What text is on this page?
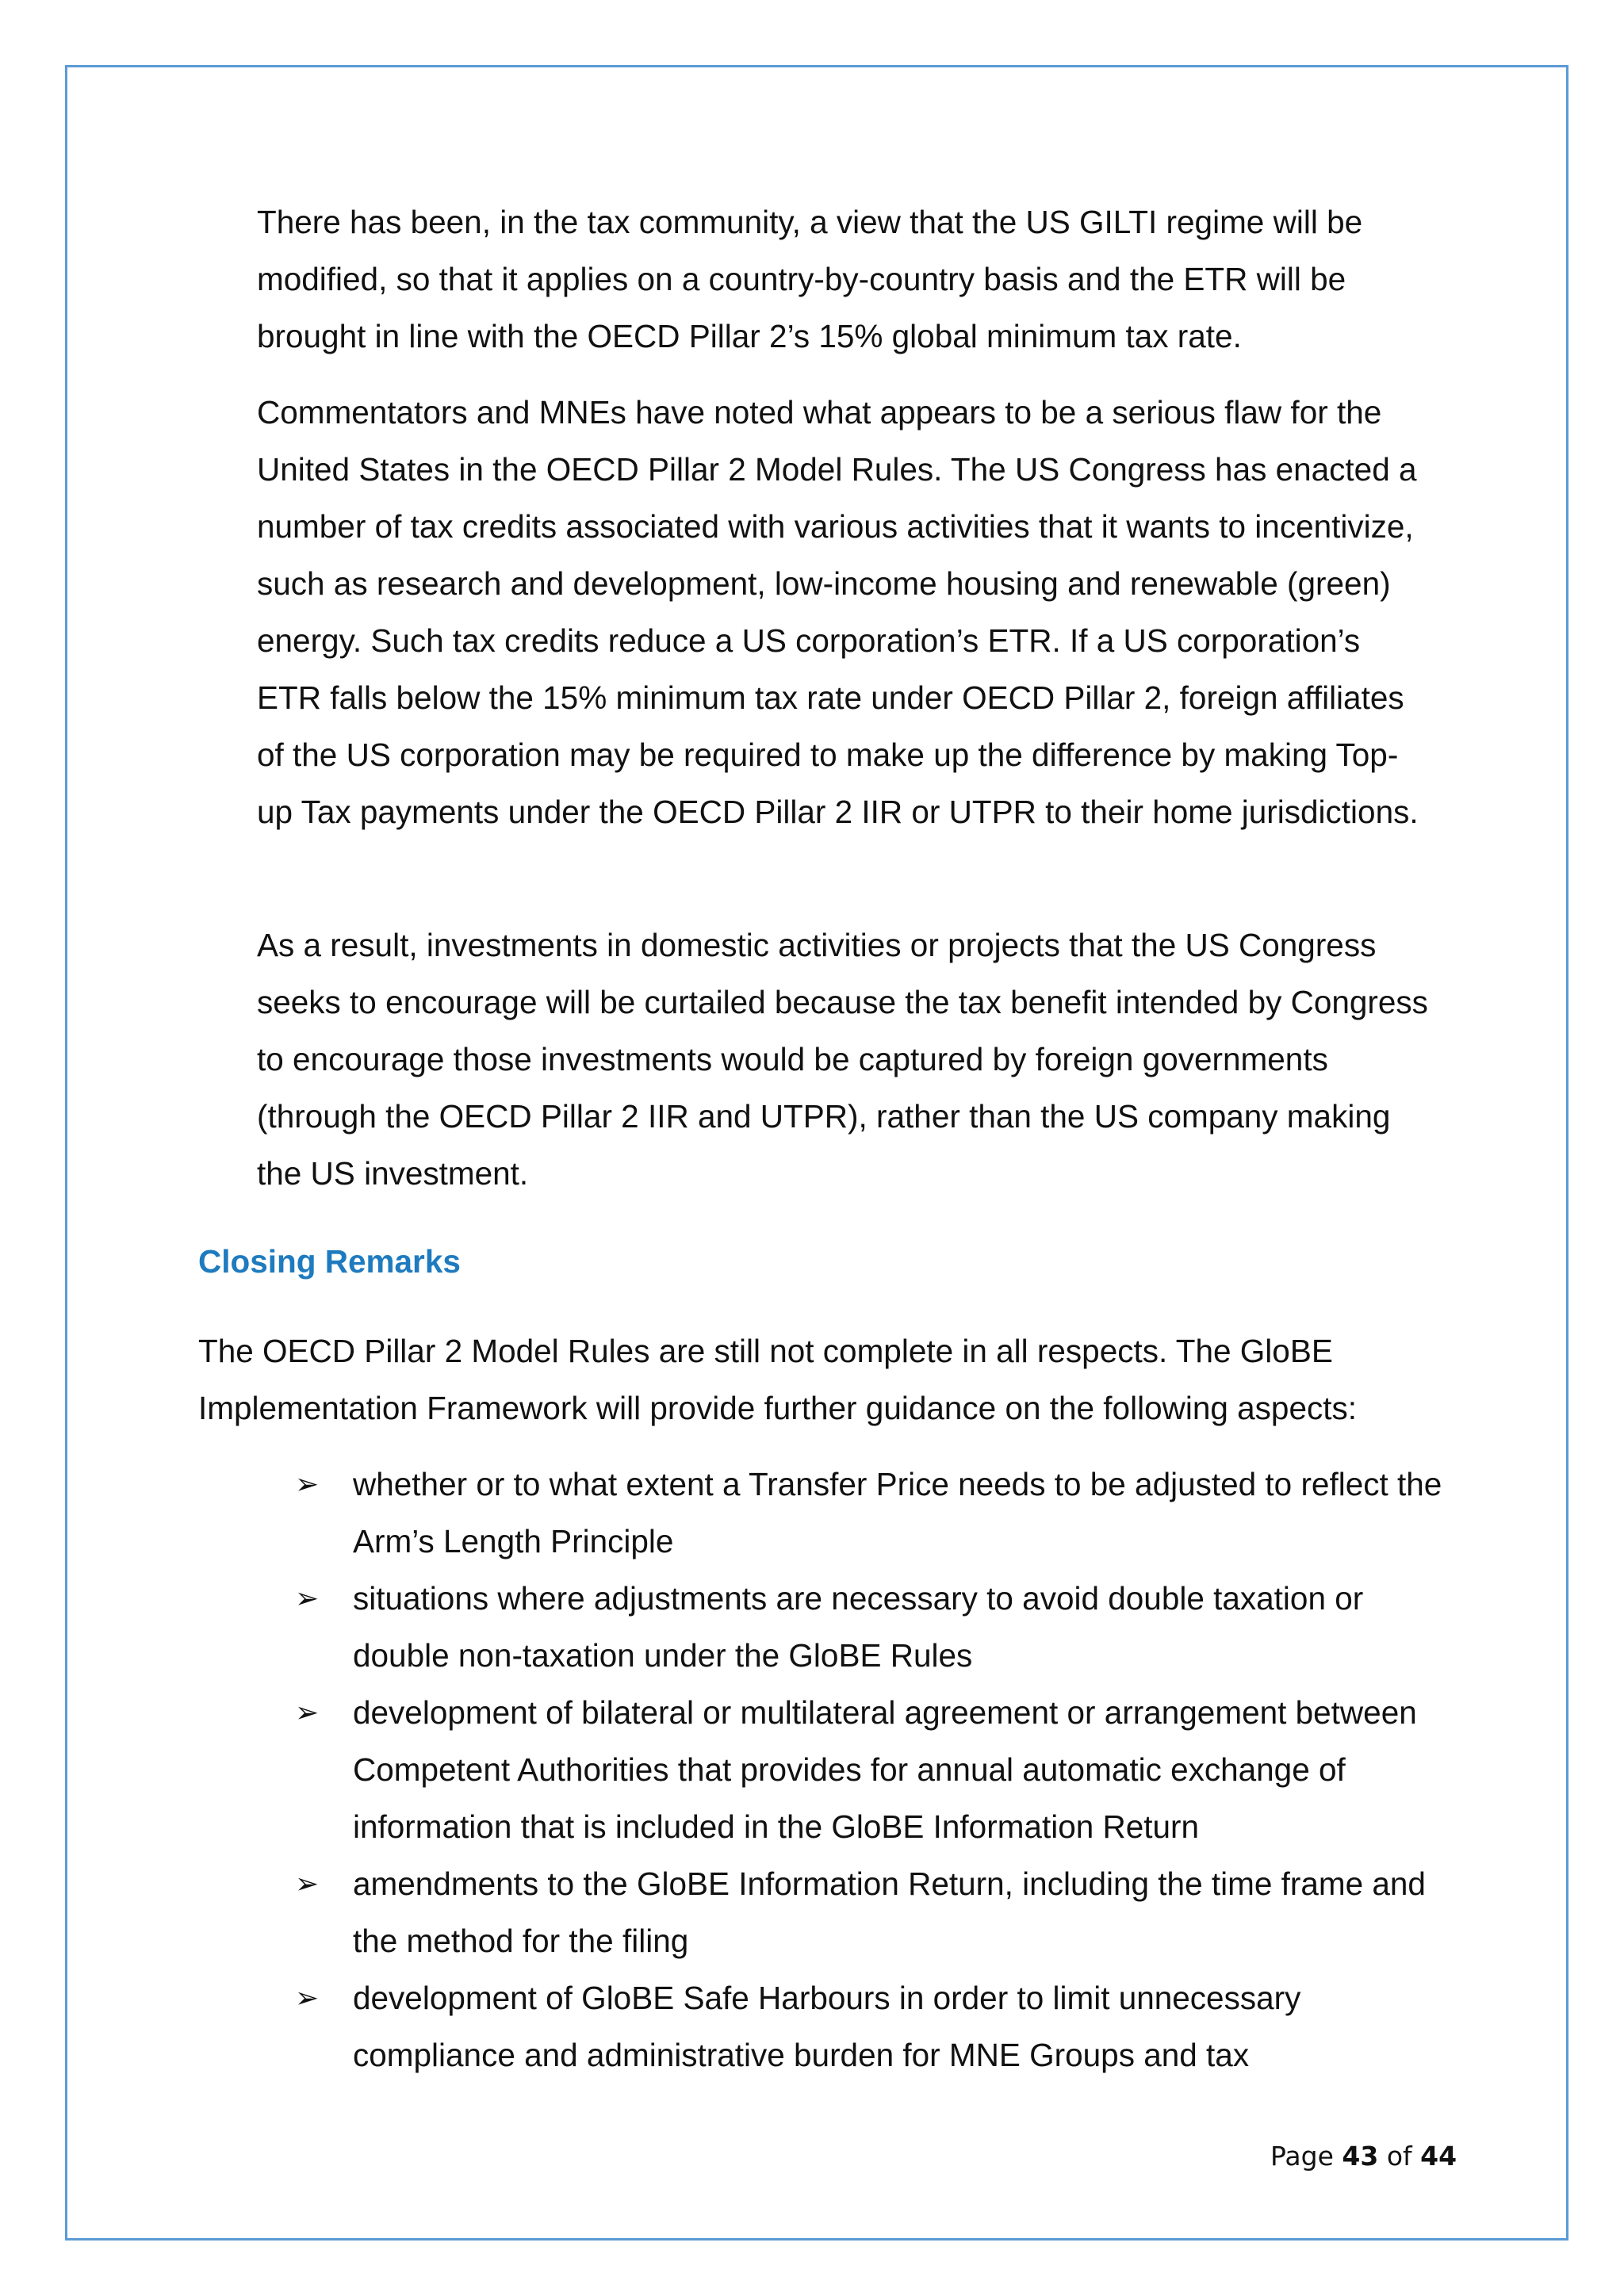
There has been, in the tax community, a view that the US GILTI regime will be modified, so that it applies on a country-by-country basis and the ETR will be brought in line with the OECD Pillar 2’s 15% global minimum tax rate.

Commentators and MNEs have noted what appears to be a serious flaw for the United States in the OECD Pillar 2 Model Rules. The US Congress has enacted a number of tax credits associated with various activities that it wants to incentivize, such as research and development, low-income housing and renewable (green) energy. Such tax credits reduce a US corporation’s ETR. If a US corporation’s ETR falls below the 15% minimum tax rate under OECD Pillar 2, foreign affiliates of the US corporation may be required to make up the difference by making Top-up Tax payments under the OECD Pillar 2 IIR or UTPR to their home jurisdictions.

As a result, investments in domestic activities or projects that the US Congress seeks to encourage will be curtailed because the tax benefit intended by Congress to encourage those investments would be captured by foreign governments (through the OECD Pillar 2 IIR and UTPR), rather than the US company making the US investment.

Closing Remarks

The OECD Pillar 2 Model Rules are still not complete in all respects. The GloBE Implementation Framework will provide further guidance on the following aspects:

➢ whether or to what extent a Transfer Price needs to be adjusted to reflect the Arm’s Length Principle
➢ situations where adjustments are necessary to avoid double taxation or double non-taxation under the GloBE Rules
➢ development of bilateral or multilateral agreement or arrangement between Competent Authorities that provides for annual automatic exchange of information that is included in the GloBE Information Return
➢ amendments to the GloBE Information Return, including the time frame and the method for the filing
➢ development of GloBE Safe Harbours in order to limit unnecessary compliance and administrative burden for MNE Groups and tax
Page 43 of 44
